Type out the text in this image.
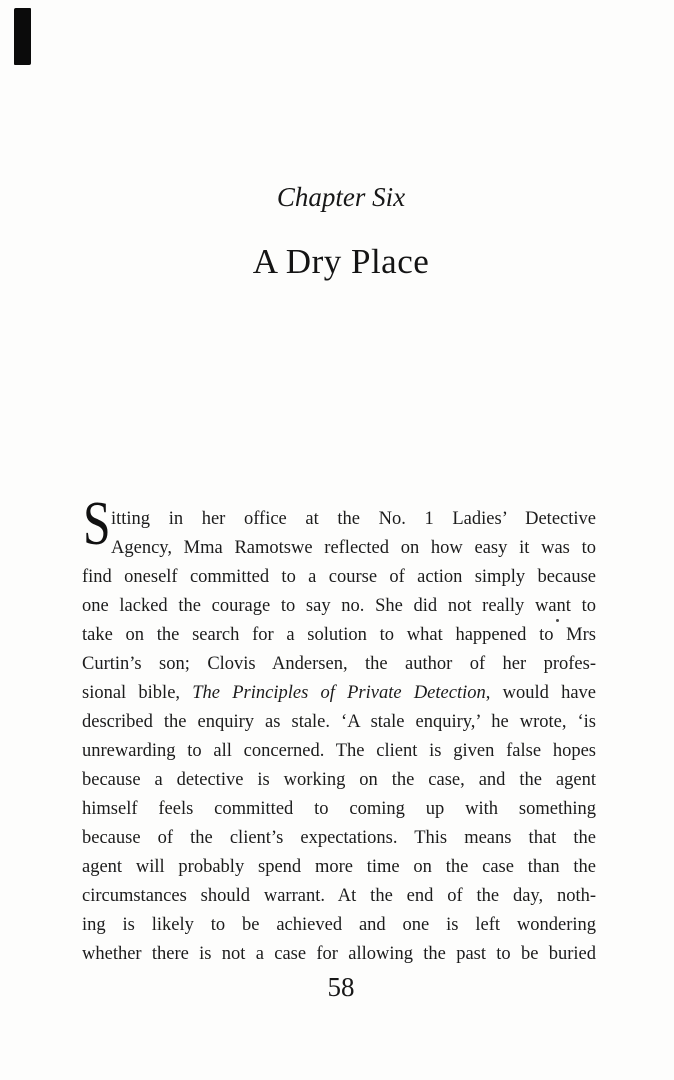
Chapter Six
A Dry Place
S itting in her office at the No. 1 Ladies’ Detective
Agency, Mma Ramotswe reflected on how easy it was to
find oneself committed to a course of action simply because
one lacked the courage to say no. She did not really want to
take on the search for a solution to what happened to Mrs
Curtin’s son; Clovis Andersen, the author of her profes-
sional bible, The Principles of Private Detection, would have
described the enquiry as stale. ‘A stale enquiry,’ he wrote, ‘is
unrewarding to all concerned. The client is given false hopes
because a detective is working on the case, and the agent
himself feels committed to coming up with something
because of the client’s expectations. This means that the
agent will probably spend more time on the case than the
circumstances should warrant. At the end of the day, noth-
ing is likely to be achieved and one is left wondering
whether there is not a case for allowing the past to be buried
58
